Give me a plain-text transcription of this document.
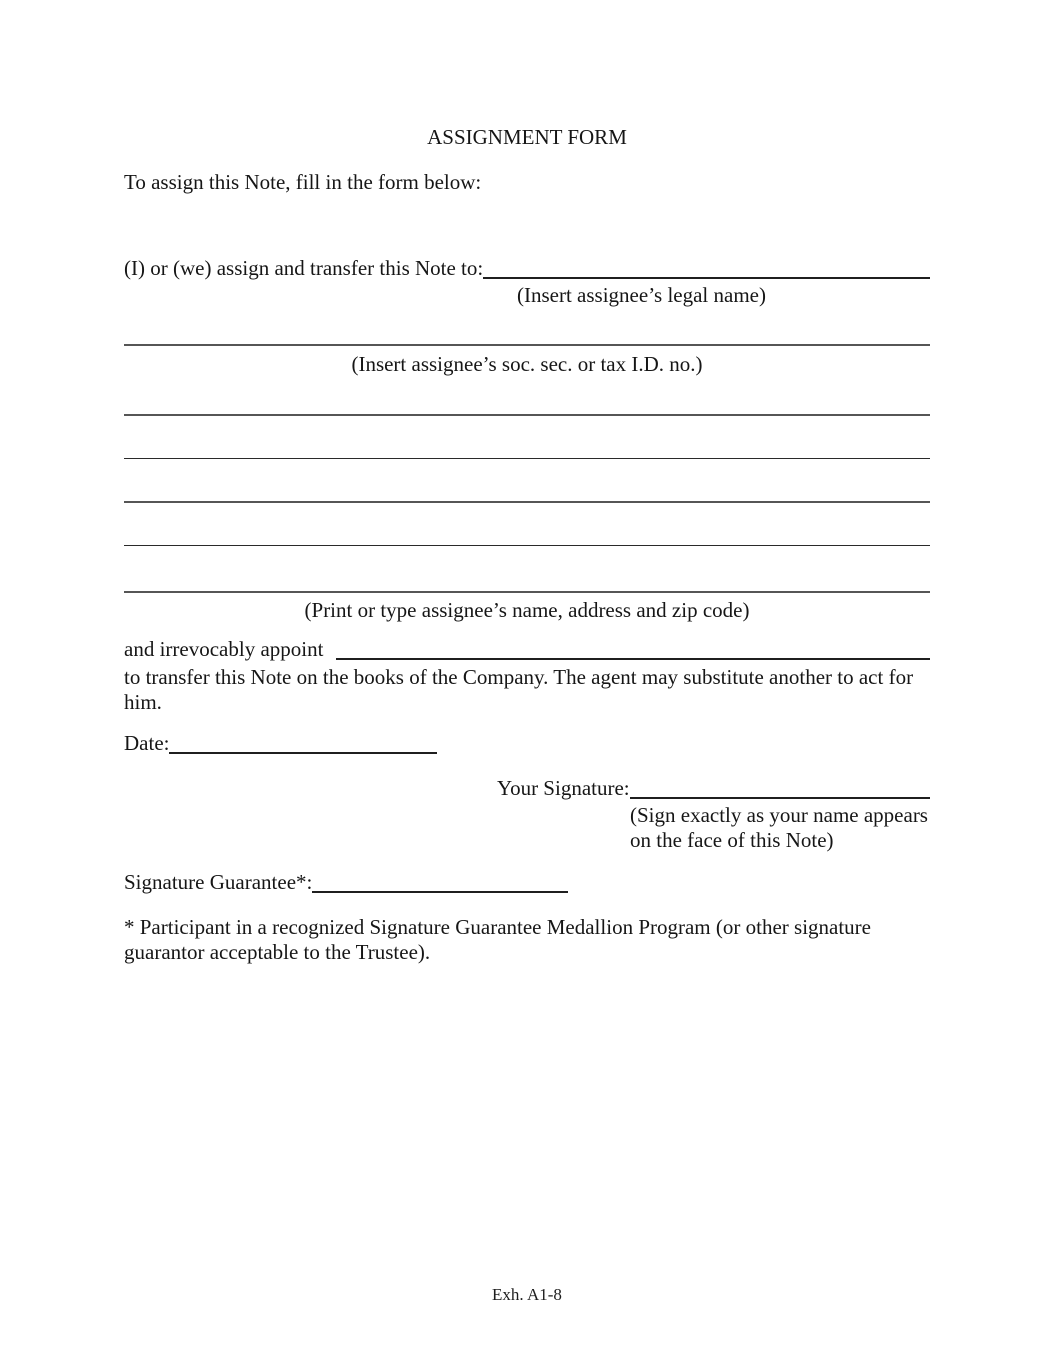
ASSIGNMENT FORM
To assign this Note, fill in the form below:
(I) or (we) assign and transfer this Note to:
(Insert assignee’s legal name)
(Insert assignee’s soc. sec. or tax I.D. no.)
(Print or type assignee’s name, address and zip code)
and irrevocably appoint
to transfer this Note on the books of the Company. The agent may substitute another to act for
him.
Date:
Your Signature:
(Sign exactly as your name appears
on the face of this Note)
Signature Guarantee*:
* Participant in a recognized Signature Guarantee Medallion Program (or other signature
guarantor acceptable to the Trustee).
Exh. A1-8
